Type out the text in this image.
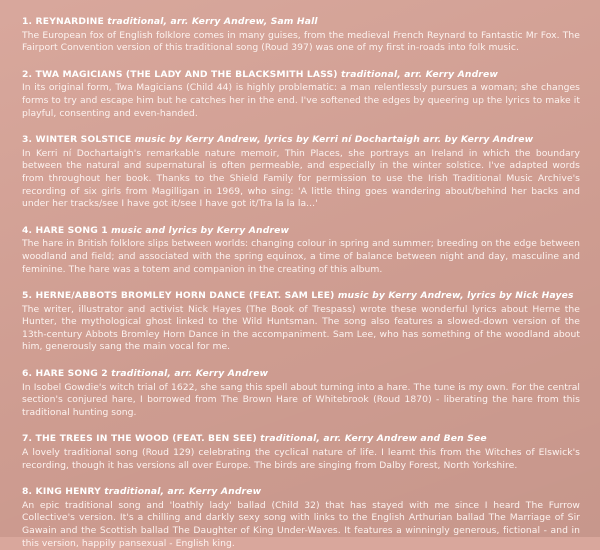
1. REYNARDINE traditional, arr. Kerry Andrew, Sam Hall
The European fox of English folklore comes in many guises, from the medieval French Reynard to Fantastic Mr Fox. The Fairport Convention version of this traditional song (Roud 397) was one of my first in-roads into folk music.
2. TWA MAGICIANS (THE LADY AND THE BLACKSMITH LASS) traditional, arr. Kerry Andrew
In its original form, Twa Magicians (Child 44) is highly problematic: a man relentlessly pursues a woman; she changes forms to try and escape him but he catches her in the end. I've softened the edges by queering up the lyrics to make it playful, consenting and even-handed.
3. WINTER SOLSTICE music by Kerry Andrew, lyrics by Kerri ní Dochartaigh arr. by Kerry Andrew
In Kerri ní Dochartaigh's remarkable nature memoir, Thin Places, she portrays an Ireland in which the boundary between the natural and supernatural is often permeable, and especially in the winter solstice. I've adapted words from throughout her book. Thanks to the Shield Family for permission to use the Irish Traditional Music Archive's recording of six girls from Magilligan in 1969, who sing: 'A little thing goes wandering about/behind her backs and under her tracks/see I have got it/see I have got it/Tra la la la...'
4. HARE SONG 1 music and lyrics by Kerry Andrew
The hare in British folklore slips between worlds: changing colour in spring and summer; breeding on the edge between woodland and field; and associated with the spring equinox, a time of balance between night and day, masculine and feminine. The hare was a totem and companion in the creating of this album.
5. HERNE/ABBOTS BROMLEY HORN DANCE (FEAT. SAM LEE) music by Kerry Andrew, lyrics by Nick Hayes
The writer, illustrator and activist Nick Hayes (The Book of Trespass) wrote these wonderful lyrics about Herne the Hunter, the mythological ghost linked to the Wild Huntsman. The song also features a slowed-down version of the 13th-century Abbots Bromley Horn Dance in the accompaniment. Sam Lee, who has something of the woodland about him, generously sang the main vocal for me.
6. HARE SONG 2 traditional, arr. Kerry Andrew
In Isobel Gowdie's witch trial of 1622, she sang this spell about turning into a hare. The tune is my own. For the central section's conjured hare, I borrowed from The Brown Hare of Whitebrook (Roud 1870) - liberating the hare from this traditional hunting song.
7. THE TREES IN THE WOOD (FEAT. BEN SEE) traditional, arr. Kerry Andrew and Ben See
A lovely traditional song (Roud 129) celebrating the cyclical nature of life. I learnt this from the Witches of Elswick's recording, though it has versions all over Europe. The birds are singing from Dalby Forest, North Yorkshire.
8. KING HENRY traditional, arr. Kerry Andrew
An epic traditional song and 'loathly lady' ballad (Child 32) that has stayed with me since I heard The Furrow Collective's version. It's a chilling and darkly sexy song with links to the English Arthurian ballad The Marriage of Sir Gawain and the Scottish ballad The Daughter of King Under-Waves. It features a winningly generous, fictional - and in this version, happily pansexual - English king.
